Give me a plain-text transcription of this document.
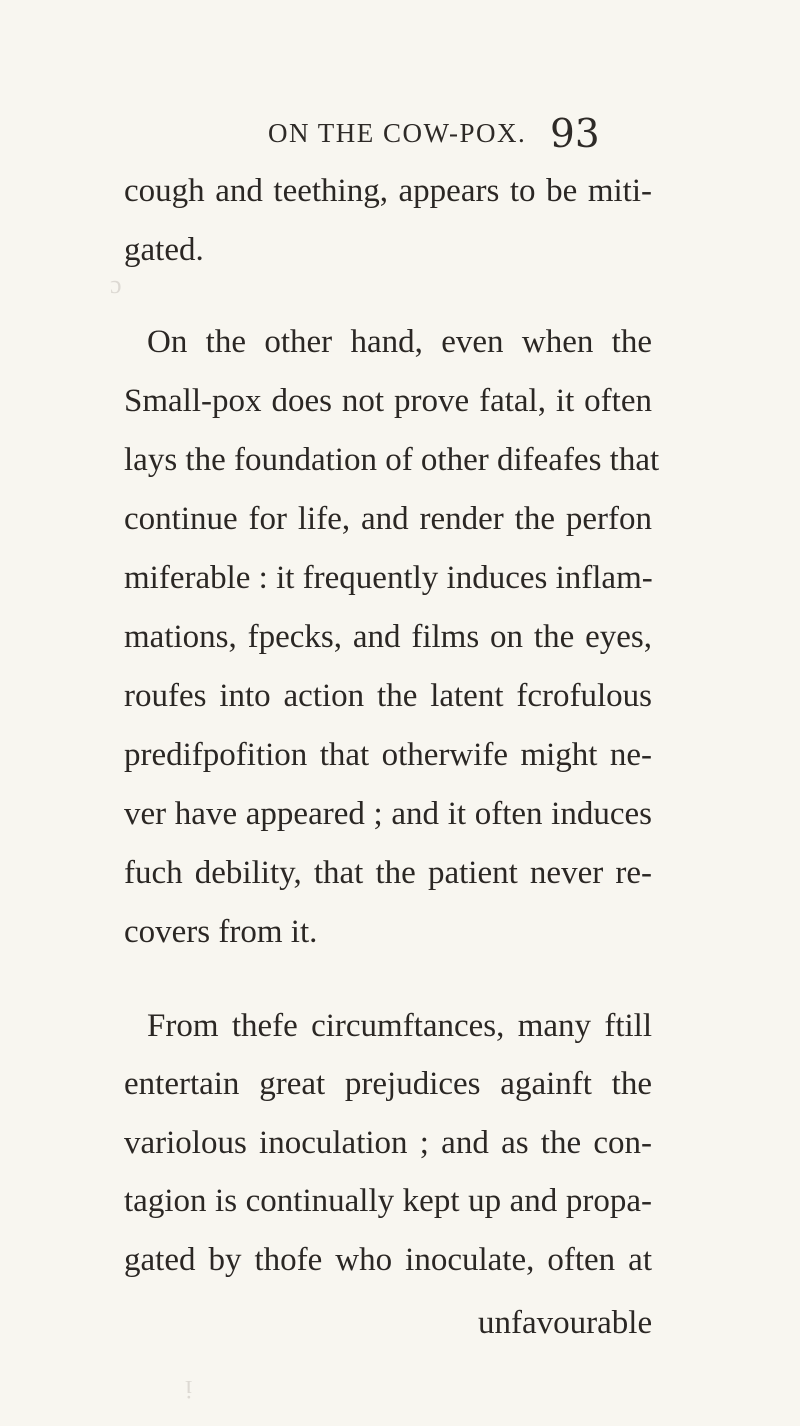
ON THE COW-POX. 93
ɔ
ᴉ
cough and teething, appears to be miti-
gated.
On the other hand, even when the
Small-pox does not prove fatal, it often
lays the foundation of other difeafes that
continue for life, and render the perfon
miferable : it frequently induces inflam-
mations, fpecks, and films on the eyes,
roufes into action the latent fcrofulous
predifpofition that otherwife might ne-
ver have appeared ; and it often induces
fuch debility, that the patient never re-
covers from it.
From thefe circumftances, many ftill
entertain great prejudices againft the
variolous inoculation ; and as the con-
tagion is continually kept up and propa-
gated by thofe who inoculate, often at
unfavourable
